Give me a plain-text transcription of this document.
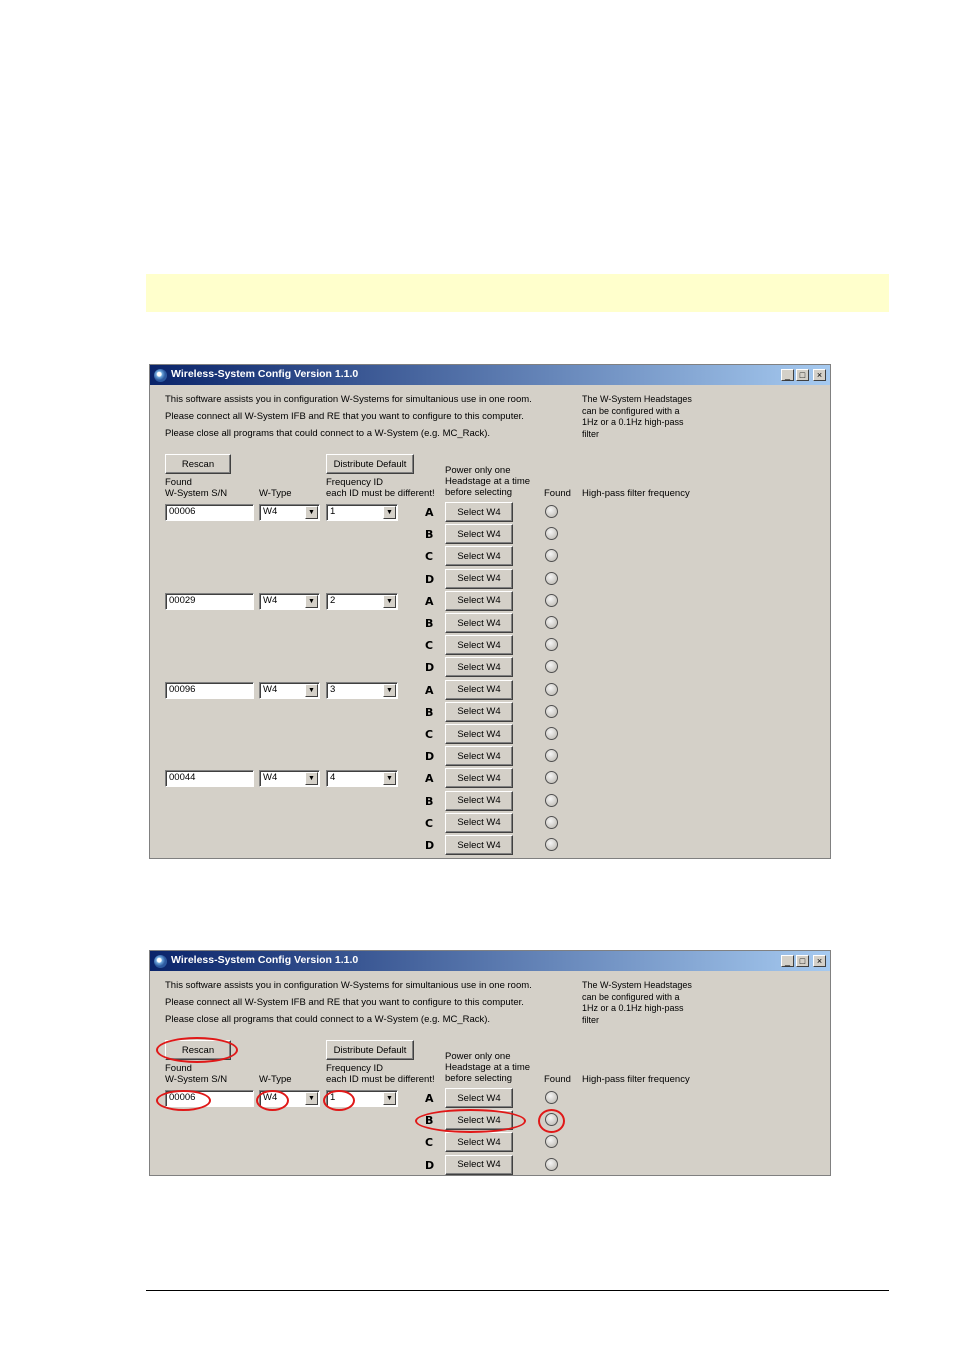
Wireless-System Config Version 1.1.0	_	□	×
This software assists you in configuration W-Systems for simultanious use in one room.
Please connect all W-System IFB and RE that you want to configure to this computer.
Please close all programs that could connect to a W-System (e.g. MC_Rack).
The W-System Headstages can be configured with a 1Hz or a 0.1Hz high-pass filter
Rescan	Distribute Default
Found
W-System S/N	W-Type
Frequency ID
each ID must be different!
Power only one
Headstage at a time
before selecting	Found High-pass filter frequency
00006	W4	▼	1	▼	A	Select W4
B	Select W4
C	Select W4
D	Select W4
00029	W4	▼	2	▼	A	Select W4
B	Select W4
C	Select W4
D	Select W4
00096	W4	▼	3	▼	A	Select W4
B	Select W4
C	Select W4
D	Select W4
00044	W4	▼	4	▼	A	Select W4
B	Select W4
C	Select W4
D	Select W4
Wireless-System Config Version 1.1.0	_	□	×
This software assists you in configuration W-Systems for simultanious use in one room.
Please connect all W-System IFB and RE that you want to configure to this computer.
Please close all programs that could connect to a W-System (e.g. MC_Rack).
The W-System Headstages can be configured with a 1Hz or a 0.1Hz high-pass filter
Rescan	Distribute Default
Found
W-System S/N	W-Type
Frequency ID
each ID must be different!
Power only one
Headstage at a time
before selecting	Found High-pass filter frequency
00006	W4	▼	1	▼	A	Select W4
B	Select W4
C	Select W4
D	Select W4
